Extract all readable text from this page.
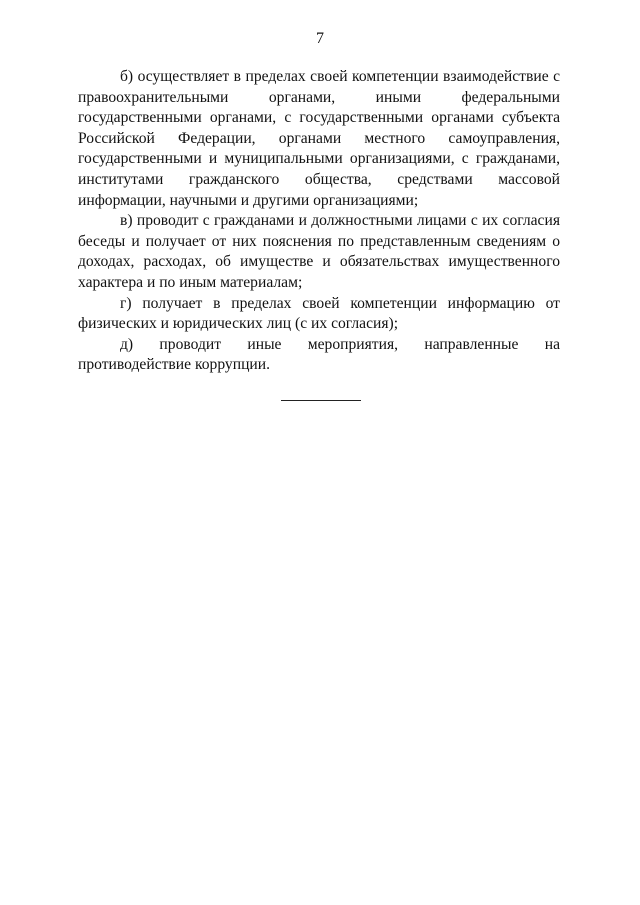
7

б) осуществляет в пределах своей компетенции взаимодействие с правоохранительными органами, иными федеральными государственными органами, с государственными органами субъекта Российской Федерации, органами местного самоуправления, государственными и муниципальными организациями, с гражданами, институтами гражданского общества, средствами массовой информации, научными и другими организациями;

в) проводит с гражданами и должностными лицами с их согласия беседы и получает от них пояснения по представленным сведениям о доходах, расходах, об имуществе и обязательствах имущественного характера и по иным материалам;

г) получает в пределах своей компетенции информацию от физических и юридических лиц (с их согласия);

д) проводит иные мероприятия, направленные на противодействие коррупции.
